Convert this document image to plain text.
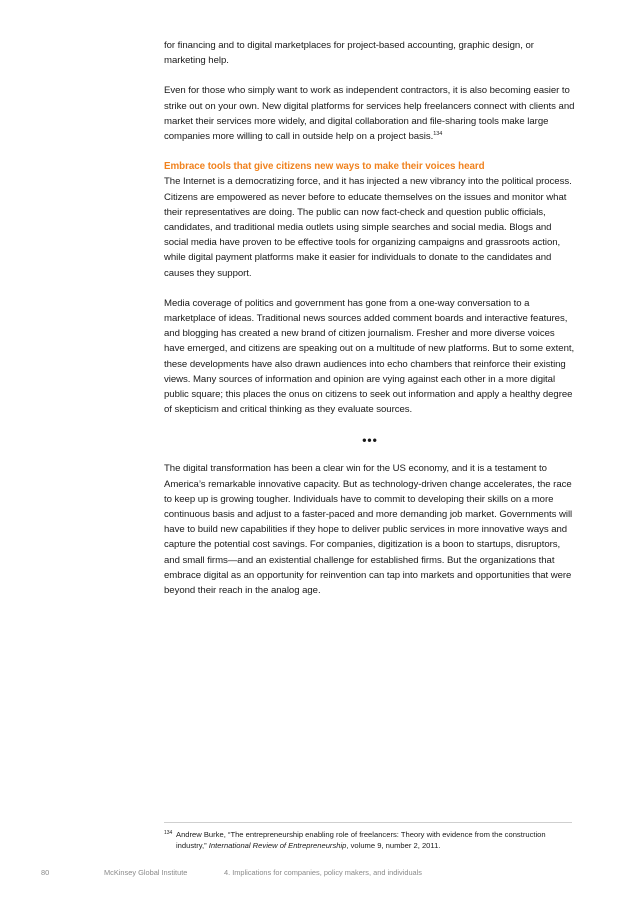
for financing and to digital marketplaces for project-based accounting, graphic design, or marketing help.

Even for those who simply want to work as independent contractors, it is also becoming easier to strike out on your own. New digital platforms for services help freelancers connect with clients and market their services more widely, and digital collaboration and file-sharing tools make large companies more willing to call in outside help on a project basis.$^{134}$

Embrace tools that give citizens new ways to make their voices heard

The Internet is a democratizing force, and it has injected a new vibrancy into the political process. Citizens are empowered as never before to educate themselves on the issues and monitor what their representatives are doing. The public can now fact-check and question public officials, candidates, and traditional media outlets using simple searches and social media. Blogs and social media have proven to be effective tools for organizing campaigns and grassroots action, while digital payment platforms make it easier for individuals to donate to the candidates and causes they support.

Media coverage of politics and government has gone from a one-way conversation to a marketplace of ideas. Traditional news sources added comment boards and interactive features, and blogging has created a new brand of citizen journalism. Fresher and more diverse voices have emerged, and citizens are speaking out on a multitude of new platforms. But to some extent, these developments have also drawn audiences into echo chambers that reinforce their existing views. Many sources of information and opinion are vying against each other in a more digital public square; this places the onus on citizens to seek out information and apply a healthy degree of skepticism and critical thinking as they evaluate sources.

•••

The digital transformation has been a clear win for the US economy, and it is a testament to America’s remarkable innovative capacity. But as technology-driven change accelerates, the race to keep up is growing tougher. Individuals have to commit to developing their skills on a more continuous basis and adjust to a faster-paced and more demanding job market. Governments will have to build new capabilities if they hope to deliver public services in more innovative ways and capture the potential cost savings. For companies, digitization is a boon to startups, disruptors, and small firms—and an existential challenge for established firms. But the organizations that embrace digital as an opportunity for reinvention can tap into markets and opportunities that were beyond their reach in the analog age.

134 Andrew Burke, “The entrepreneurship enabling role of freelancers: Theory with evidence from the construction industry,” International Review of Entrepreneurship, volume 9, number 2, 2011.
80	McKinsey Global Institute	4. Implications for companies, policy makers, and individuals
